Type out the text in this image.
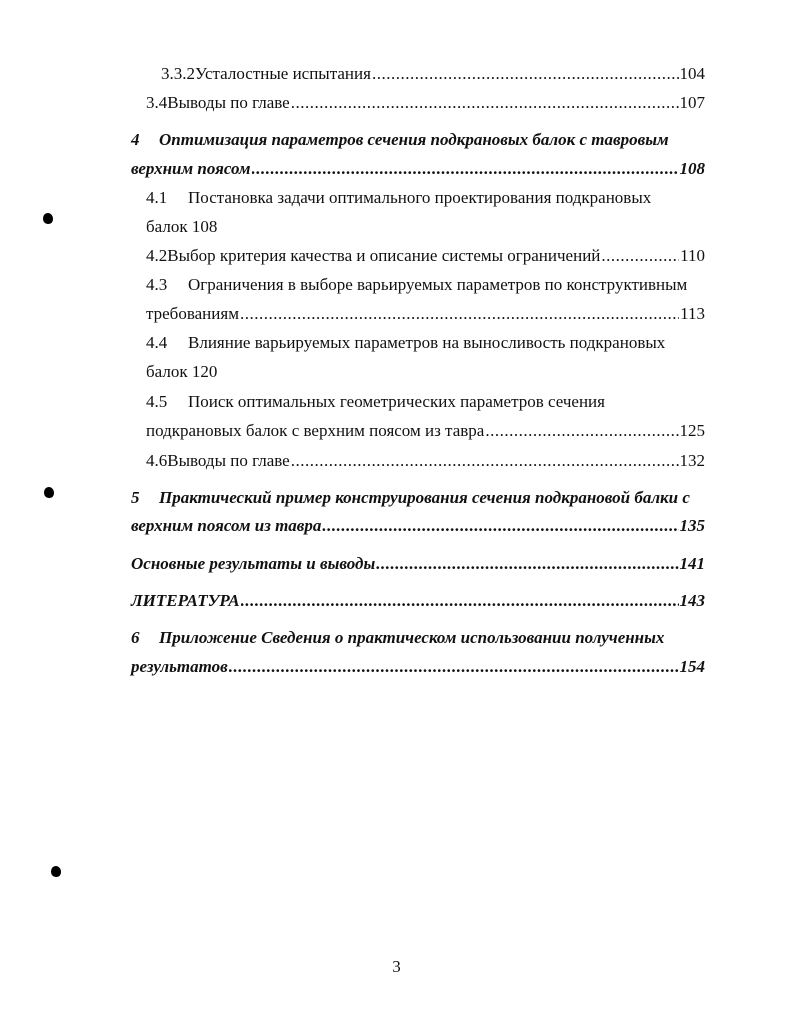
3.3.2 Усталостные испытания .....	104
3.4 Выводы по главе .....	107
4 Оптимизация параметров сечения подкрановых балок с тавровым
верхним поясом .....	108
4.1 Постановка задачи оптимального проектирования подкрановых
балок 108
4.2 Выбор критерия качества и описание системы ограничений .....	110
4.3 Ограничения в выборе варьируемых параметров по конструктивным
требованиям .....	113
4.4 Влияние варьируемых параметров на выносливость подкрановых
балок 120
4.5 Поиск оптимальных геометрических параметров сечения
подкрановых балок с верхним поясом из тавра .....	125
4.6 Выводы по главе .....	132
5 Практический пример конструирования сечения подкрановой балки с
верхним поясом из тавра .....	135
Основные результаты и выводы .....	141
ЛИТЕРАТУРА .....	143
6 Приложение Сведения о практическом использовании полученных
результатов .....	154
3
